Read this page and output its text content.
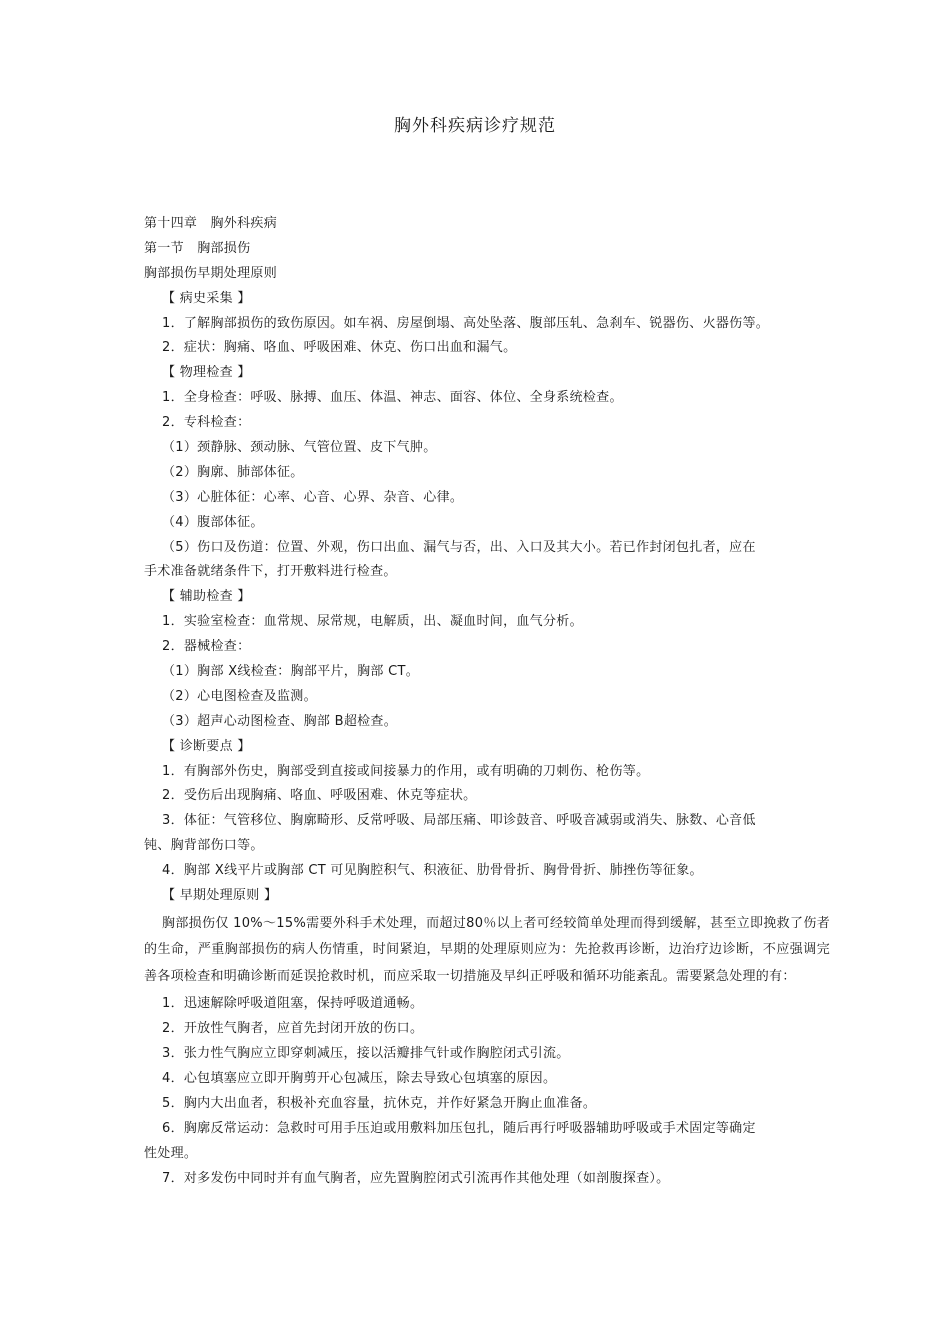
胸外科疾病诊疗规范
第十四章　胸外科疾病
第一节　胸部损伤
胸部损伤早期处理原则
【 病史采集 】
1．了解胸部损伤的致伤原因。如车祸、房屋倒塌、高处坠落、腹部压轧、急刹车、锐器伤、火器伤等。
2．症状：胸痛、咯血、呼吸困难、休克、伤口出血和漏气。
【 物理检查 】
1．全身检查：呼吸、脉搏、血压、体温、神志、面容、体位、全身系统检查。
2．专科检查：
（1）颈静脉、颈动脉、气管位置、皮下气肿。
（2）胸廓、肺部体征。
（3）心脏体征：心率、心音、心界、杂音、心律。
（4）腹部体征。
（5）伤口及伤道：位置、外观，伤口出血、漏气与否，出、入口及其大小。若已作封闭包扎者，应在
手术准备就绪条件下，打开敷料进行检查。
【 辅助检查 】
1．实验室检查：血常规、尿常规，电解质，出、凝血时间，血气分析。
2．器械检查：
（1）胸部 X线检查：胸部平片，胸部 CT。
（2）心电图检查及监测。
（3）超声心动图检查、胸部 B超检查。
【 诊断要点 】
1．有胸部外伤史，胸部受到直接或间接暴力的作用，或有明确的刀刺伤、枪伤等。
2．受伤后出现胸痛、咯血、呼吸困难、休克等症状。
3．体征：气管移位、胸廓畸形、反常呼吸、局部压痛、叩诊鼓音、呼吸音减弱或消失、脉数、心音低
钝、胸背部伤口等。
4．胸部 X线平片或胸部 CT 可见胸腔积气、积液征、肋骨骨折、胸骨骨折、肺挫伤等征象。
【 早期处理原则 】
胸部损伤仅 10%～15%需要外科手术处理，而超过80％以上者可经较简单处理而得到缓解，甚至立即挽救了伤者的生命，严重胸部损伤的病人伤情重，时间紧迫，早期的处理原则应为：先抢救再诊断，边治疗边诊断，不应强调完善各项检查和明确诊断而延误抢救时机，而应采取一切措施及早纠正呼吸和循环功能紊乱。需要紧急处理的有：
1．迅速解除呼吸道阻塞，保持呼吸道通畅。
2．开放性气胸者，应首先封闭开放的伤口。
3．张力性气胸应立即穿刺减压，接以活瓣排气针或作胸腔闭式引流。
4．心包填塞应立即开胸剪开心包减压，除去导致心包填塞的原因。
5．胸内大出血者，积极补充血容量，抗休克，并作好紧急开胸止血准备。
6．胸廓反常运动：急救时可用手压迫或用敷料加压包扎，随后再行呼吸器辅助呼吸或手术固定等确定
性处理。
7．对多发伤中同时并有血气胸者，应先置胸腔闭式引流再作其他处理（如剖腹探查）。
